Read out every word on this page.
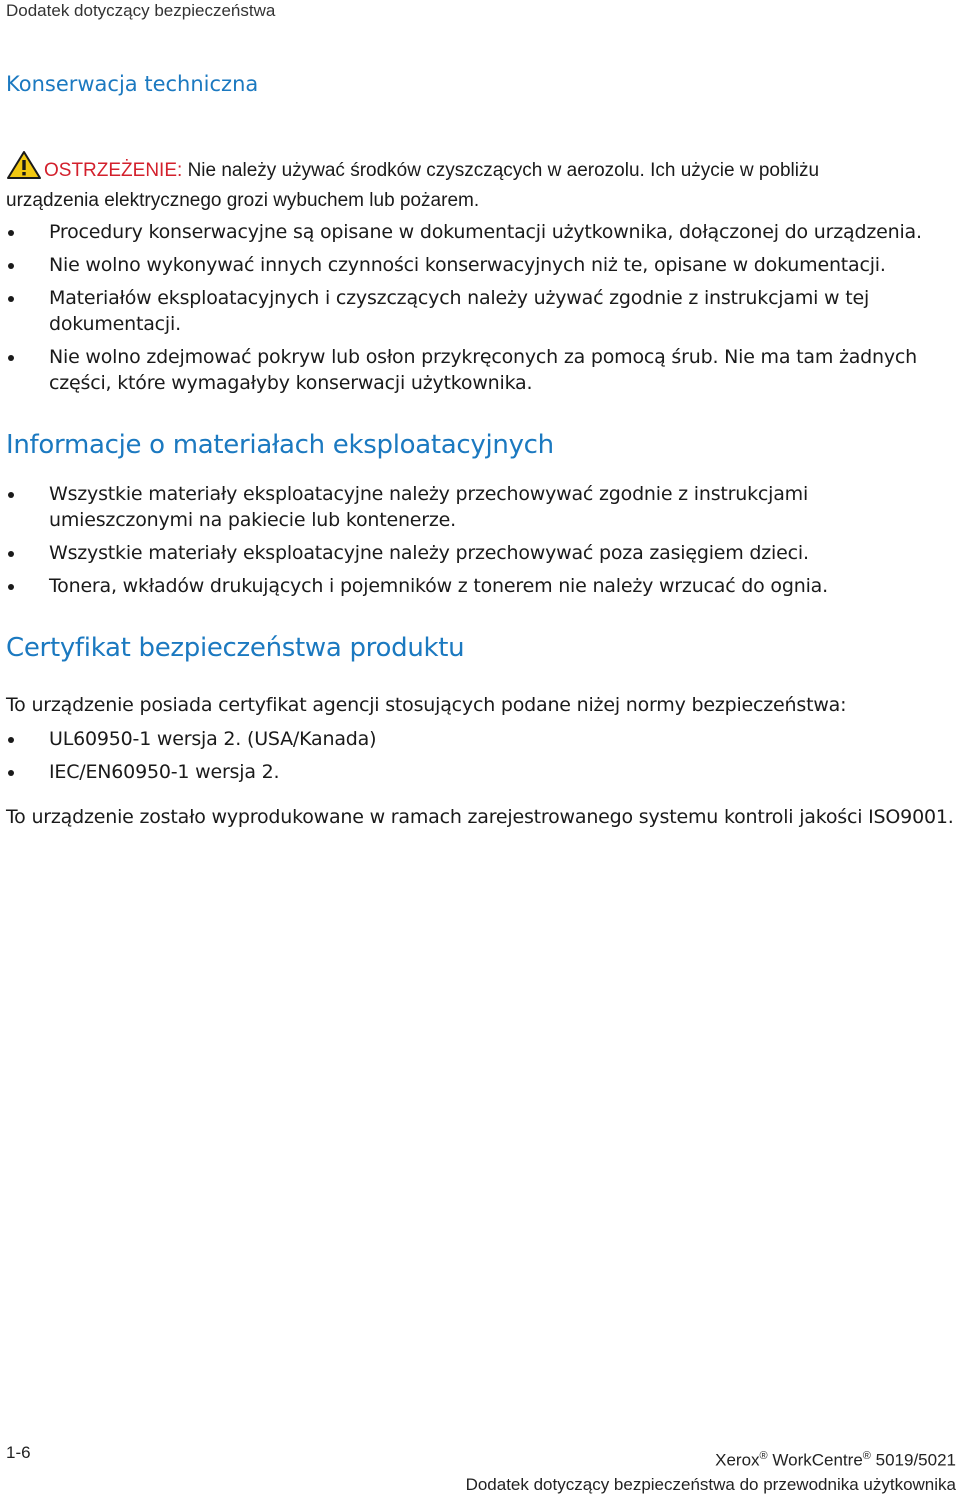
Dodatek dotyczący bezpieczeństwa
Konserwacja techniczna
OSTRZEŻENIE: Nie należy używać środków czyszczących w aerozolu. Ich użycie w pobliżu urządzenia elektrycznego grozi wybuchem lub pożarem.
Procedury konserwacyjne są opisane w dokumentacji użytkownika, dołączonej do urządzenia.
Nie wolno wykonywać innych czynności konserwacyjnych niż te, opisane w dokumentacji.
Materiałów eksploatacyjnych i czyszczących należy używać zgodnie z instrukcjami w tej dokumentacji.
Nie wolno zdejmować pokryw lub osłon przykręconych za pomocą śrub. Nie ma tam żadnych części, które wymagałyby konserwacji użytkownika.
Informacje o materiałach eksploatacyjnych
Wszystkie materiały eksploatacyjne należy przechowywać zgodnie z instrukcjami umieszczonymi na pakiecie lub kontenerze.
Wszystkie materiały eksploatacyjne należy przechowywać poza zasięgiem dzieci.
Tonera, wkładów drukujących i pojemników z tonerem nie należy wrzucać do ognia.
Certyfikat bezpieczeństwa produktu

To urządzenie posiada certyfikat agencji stosujących podane niżej normy bezpieczeństwa:

UL60950-1 wersja 2. (USA/Kanada)
IEC/EN60950-1 wersja 2.

To urządzenie zostało wyprodukowane w ramach zarejestrowanego systemu kontroli jakości ISO9001.

1-6	Xerox® WorkCentre® 5019/5021
Dodatek dotyczący bezpieczeństwa do przewodnika użytkownika
